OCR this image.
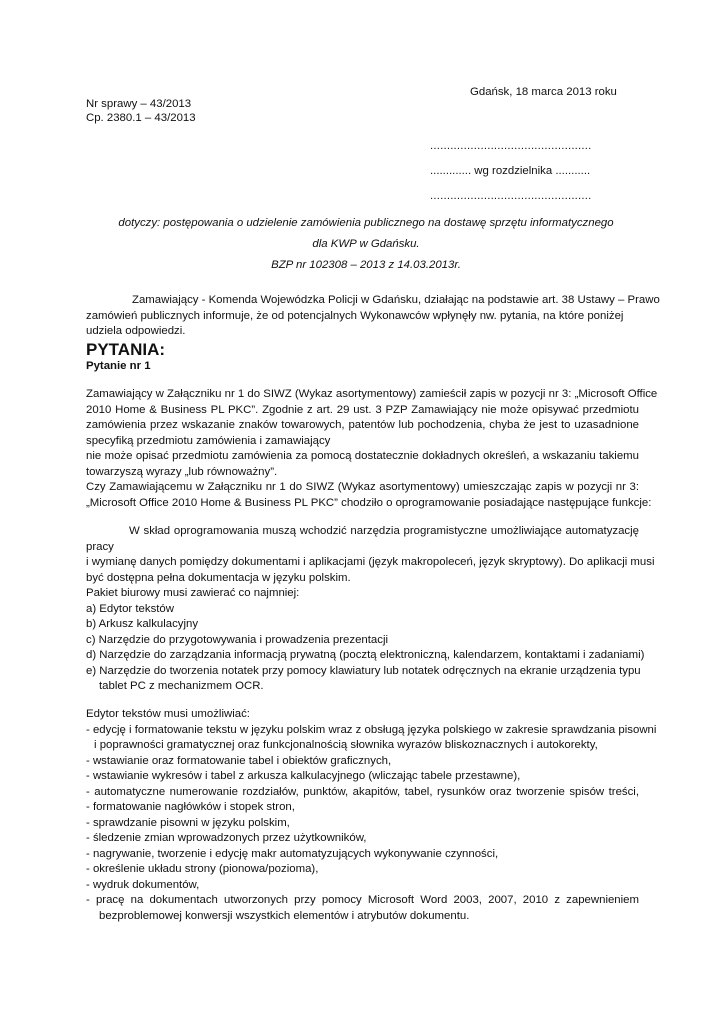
Gdańsk, 18 marca 2013 roku
Nr sprawy – 43/2013
Cp. 2380.1 – 43/2013
................................................
............. wg rozdzielnika ...........
................................................
dotyczy: postępowania o udzielenie zamówienia publicznego na dostawę sprzętu informatycznego
dla KWP w Gdańsku.
BZP nr 102308 – 2013 z 14.03.2013r.
Zamawiający - Komenda Wojewódzka Policji w Gdańsku, działając na podstawie art. 38 Ustawy – Prawo
zamówień publicznych informuje, że od potencjalnych Wykonawców wpłynęły nw. pytania, na które poniżej
udziela odpowiedzi.
PYTANIA:
Pytanie nr 1
Zamawiający w Załączniku nr 1 do SIWZ (Wykaz asortymentowy) zamieścił zapis w pozycji nr 3: „Microsoft Office
2010 Home & Business PL PKC”. Zgodnie z art. 29 ust. 3 PZP Zamawiający nie może opisywać przedmiotu
zamówienia przez wskazanie znaków towarowych, patentów lub pochodzenia, chyba że jest to uzasadnione
specyfiką przedmiotu zamówienia i zamawiający
nie może opisać przedmiotu zamówienia za pomocą dostatecznie dokładnych określeń, a wskazaniu takiemu
towarzyszą wyrazy „lub równoważny”.
Czy Zamawiającemu w Załączniku nr 1 do SIWZ (Wykaz asortymentowy) umieszczając zapis w pozycji nr 3:
„Microsoft Office 2010 Home & Business PL PKC” chodziło o oprogramowanie posiadające następujące funkcje:
W skład oprogramowania muszą wchodzić narzędzia programistyczne umożliwiające automatyzację
pracy
i wymianę danych pomiędzy dokumentami i aplikacjami (język makropoleceń, język skryptowy). Do aplikacji musi
być dostępna pełna dokumentacja w języku polskim.
Pakiet biurowy musi zawierać co najmniej:
a) Edytor tekstów
b) Arkusz kalkulacyjny
c) Narzędzie do przygotowywania i prowadzenia prezentacji
d) Narzędzie do zarządzania informacją prywatną (pocztą elektroniczną, kalendarzem, kontaktami i zadaniami)
e) Narzędzie do tworzenia notatek przy pomocy klawiatury lub notatek odręcznych na ekranie urządzenia typu
tablet PC z mechanizmem OCR.
Edytor tekstów musi umożliwiać:
- edycję i formatowanie tekstu w języku polskim wraz z obsługą języka polskiego w zakresie sprawdzania pisowni
i poprawności gramatycznej oraz funkcjonalnością słownika wyrazów bliskoznacznych i autokorekty,
- wstawianie oraz formatowanie tabel i obiektów graficznych,
- wstawianie wykresów i tabel z arkusza kalkulacyjnego (wliczając tabele przestawne),
- automatyczne numerowanie rozdziałów, punktów, akapitów, tabel, rysunków oraz tworzenie spisów treści,
- formatowanie nagłówków i stopek stron,
- sprawdzanie pisowni w języku polskim,
- śledzenie zmian wprowadzonych przez użytkowników,
- nagrywanie, tworzenie i edycję makr automatyzujących wykonywanie czynności,
- określenie układu strony (pionowa/pozioma),
- wydruk dokumentów,
- pracę na dokumentach utworzonych przy pomocy Microsoft Word 2003, 2007, 2010 z zapewnieniem
bezproblemowej konwersji wszystkich elementów i atrybutów dokumentu.
